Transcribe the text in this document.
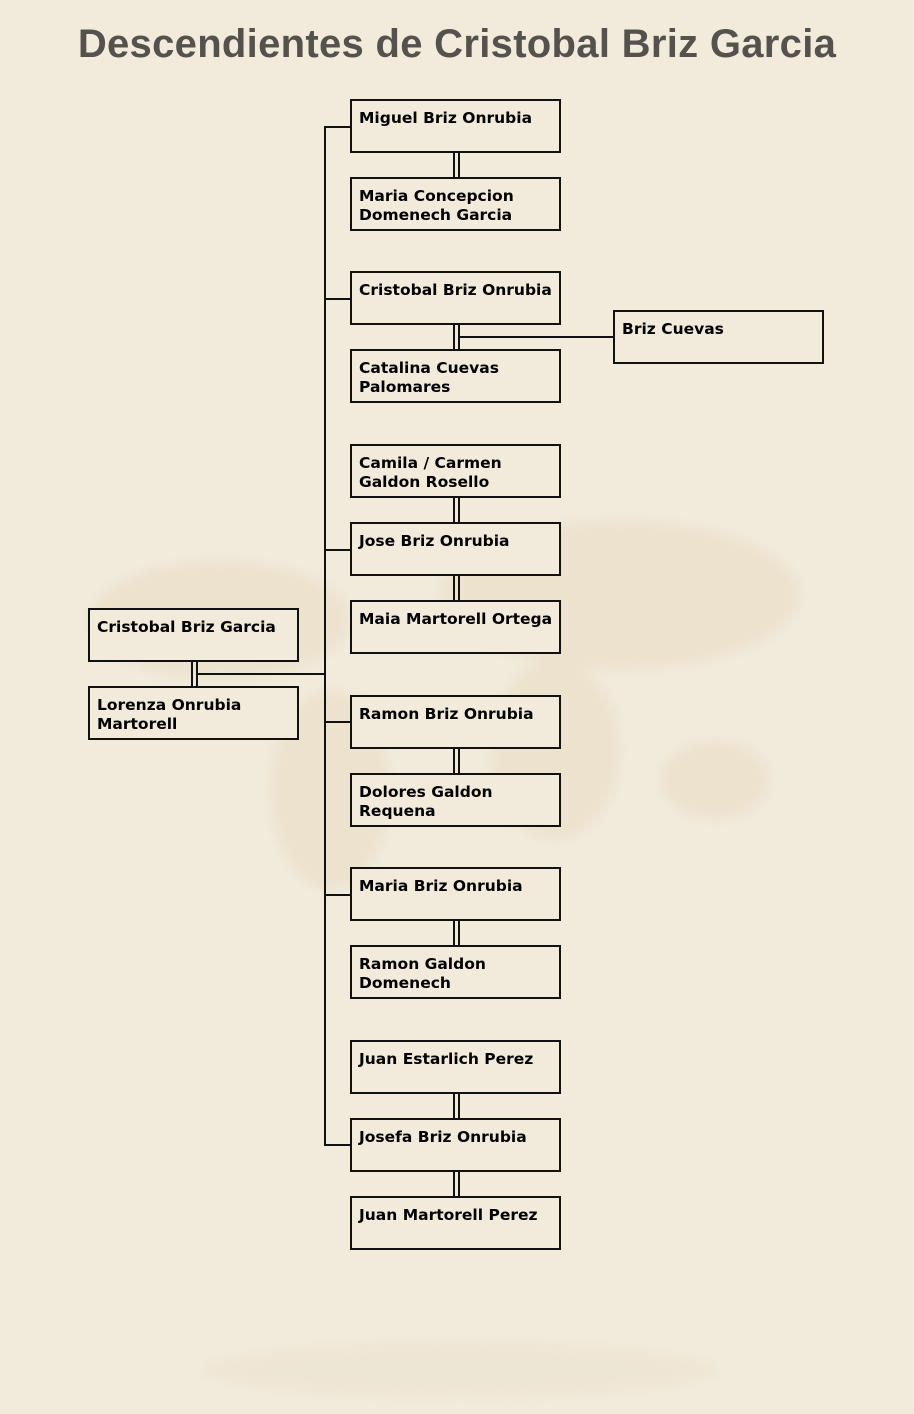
Descendientes de Cristobal Briz Garcia
Cristobal Briz Garcia
Lorenza Onrubia Martorell
Miguel Briz Onrubia
Maria Concepcion Domenech Garcia
Cristobal Briz Onrubia
Catalina Cuevas Palomares
Briz Cuevas
Camila / Carmen Galdon Rosello
Jose Briz Onrubia
Maia Martorell Ortega
Ramon Briz Onrubia
Dolores Galdon Requena
Maria Briz Onrubia
Ramon Galdon Domenech
Juan Estarlich Perez
Josefa Briz Onrubia
Juan Martorell Perez
